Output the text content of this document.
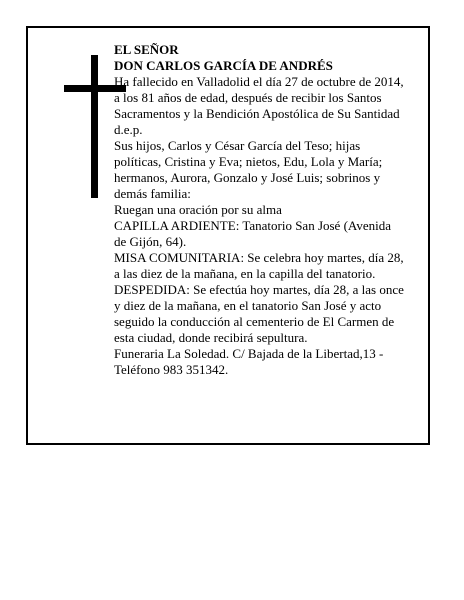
EL SEÑOR
DON CARLOS GARCÍA DE ANDRÉS
Ha fallecido en Valladolid el día 27 de octubre de 2014,
a los 81 años de edad, después de recibir los Santos
Sacramentos y la Bendición Apostólica de Su Santidad
d.e.p.
Sus hijos, Carlos y César García del Teso; hijas
políticas, Cristina y Eva; nietos, Edu, Lola y María;
hermanos, Aurora, Gonzalo y José Luis; sobrinos y
demás familia:
Ruegan una oración por su alma
CAPILLA ARDIENTE: Tanatorio San José (Avenida
de Gijón, 64).
MISA COMUNITARIA: Se celebra hoy martes, día 28,
a las diez de la mañana, en la capilla del tanatorio.
DESPEDIDA: Se efectúa hoy martes, día 28, a las once
y diez de la mañana, en el tanatorio San José y acto
seguido la conducción al cementerio de El Carmen de
esta ciudad, donde recibirá sepultura.
Funeraria La Soledad. C/ Bajada de la Libertad,13 -
Teléfono 983 351342.
